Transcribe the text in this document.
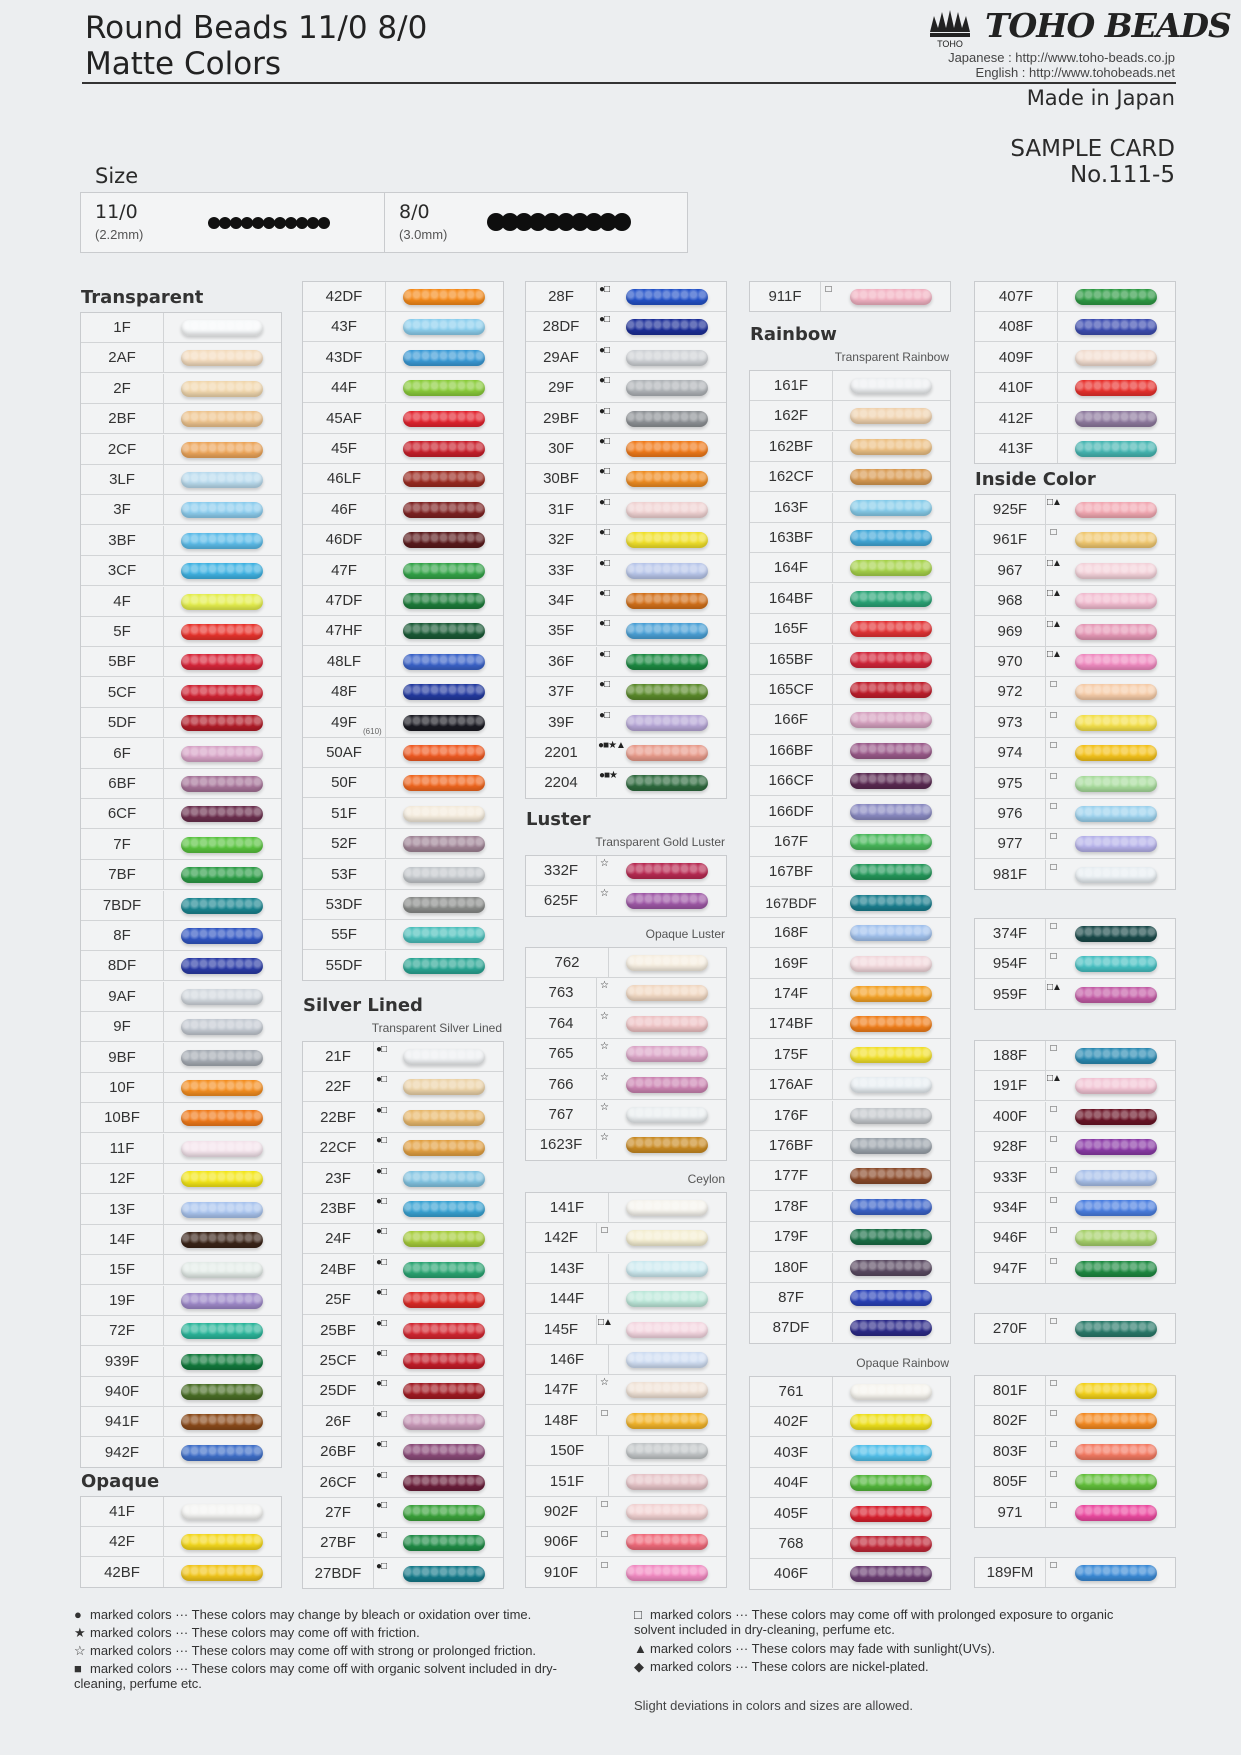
Round Beads 11/0 8/0
Matte Colors
TOHO TOHO BEADS
Japanese : http://www.toho-beads.co.jp
English : http://www.tohobeads.net
Made in Japan
SAMPLE CARD
No.111-5
Size
11/0
(2.2mm)
8/0
(3.0mm)
Transparent
1F
2AF
2F
2BF
2CF
3LF
3F
3BF
3CF
4F
5F
5BF
5CF
5DF
6F
6BF
6CF
7F
7BF
7BDF
8F
8DF
9AF
9F
9BF
10F
10BF
11F
12F
13F
14F
15F
19F
72F
939F
940F
941F
942F
Opaque
41F
42F
42BF
42DF
43F
43DF
44F
45AF
45F
46LF
46F
46DF
47F
47DF
47HF
48LF
48F
49F
(610)
50AF
50F
51F
52F
53F
53DF
55F
55DF
Silver Lined
Transparent Silver Lined
21F	●□
22F	●□
22BF	●□
22CF	●□
23F	●□
23BF	●□
24F	●□
24BF	●□
25F	●□
25BF	●□
25CF	●□
25DF	●□
26F	●□
26BF	●□
26CF	●□
27F	●□
27BF	●□
27BDF	●□
28F	●□
28DF	●□
29AF	●□
29F	●□
29BF	●□
30F	●□
30BF	●□
31F	●□
32F	●□
33F	●□
34F	●□
35F	●□
36F	●□
37F	●□
39F	●□
2201	●■★▲
2204	●■★
Luster
Transparent Gold Luster
332F	☆
625F	☆
Opaque Luster
762
763	☆
764	☆
765	☆
766	☆
767	☆
1623F	☆
Ceylon
141F
142F	□
143F
144F
145F	□▲
146F
147F	☆
148F	□
150F
151F
902F	□
906F	□
910F	□
911F	□
Rainbow
Transparent Rainbow
161F
162F
162BF
162CF
163F
163BF
164F
164BF
165F
165BF
165CF
166F
166BF
166CF
166DF
167F
167BF
167BDF
168F
169F
174F
174BF
175F
176AF
176F
176BF
177F
178F
179F
180F
87F
87DF
Opaque Rainbow
761
402F
403F
404F
405F
768
406F
407F
408F
409F
410F
412F
413F
Inside Color
925F	□▲
961F	□
967	□▲
968	□▲
969	□▲
970	□▲
972	□
973	□
974	□
975	□
976	□
977	□
981F	□
374F	□
954F	□
959F	□▲
188F	□
191F	□▲
400F	□
928F	□
933F	□
934F	□
946F	□
947F	□
270F	□
801F	□
802F	□
803F	□
805F	□
971	□
189FM	□
● marked colors ··· These colors may change by bleach or oxidation over time.
★ marked colors ··· These colors may come off with friction.
☆ marked colors ··· These colors may come off with strong or prolonged friction.
■ marked colors ··· These colors may come off with organic solvent included in dry-cleaning, perfume etc.
□ marked colors ··· These colors may come off with prolonged exposure to organic solvent included in dry-cleaning, perfume etc.
▲ marked colors ··· These colors may fade with sunlight(UVs).
◆ marked colors ··· These colors are nickel-plated.
Slight deviations in colors and sizes are allowed.
